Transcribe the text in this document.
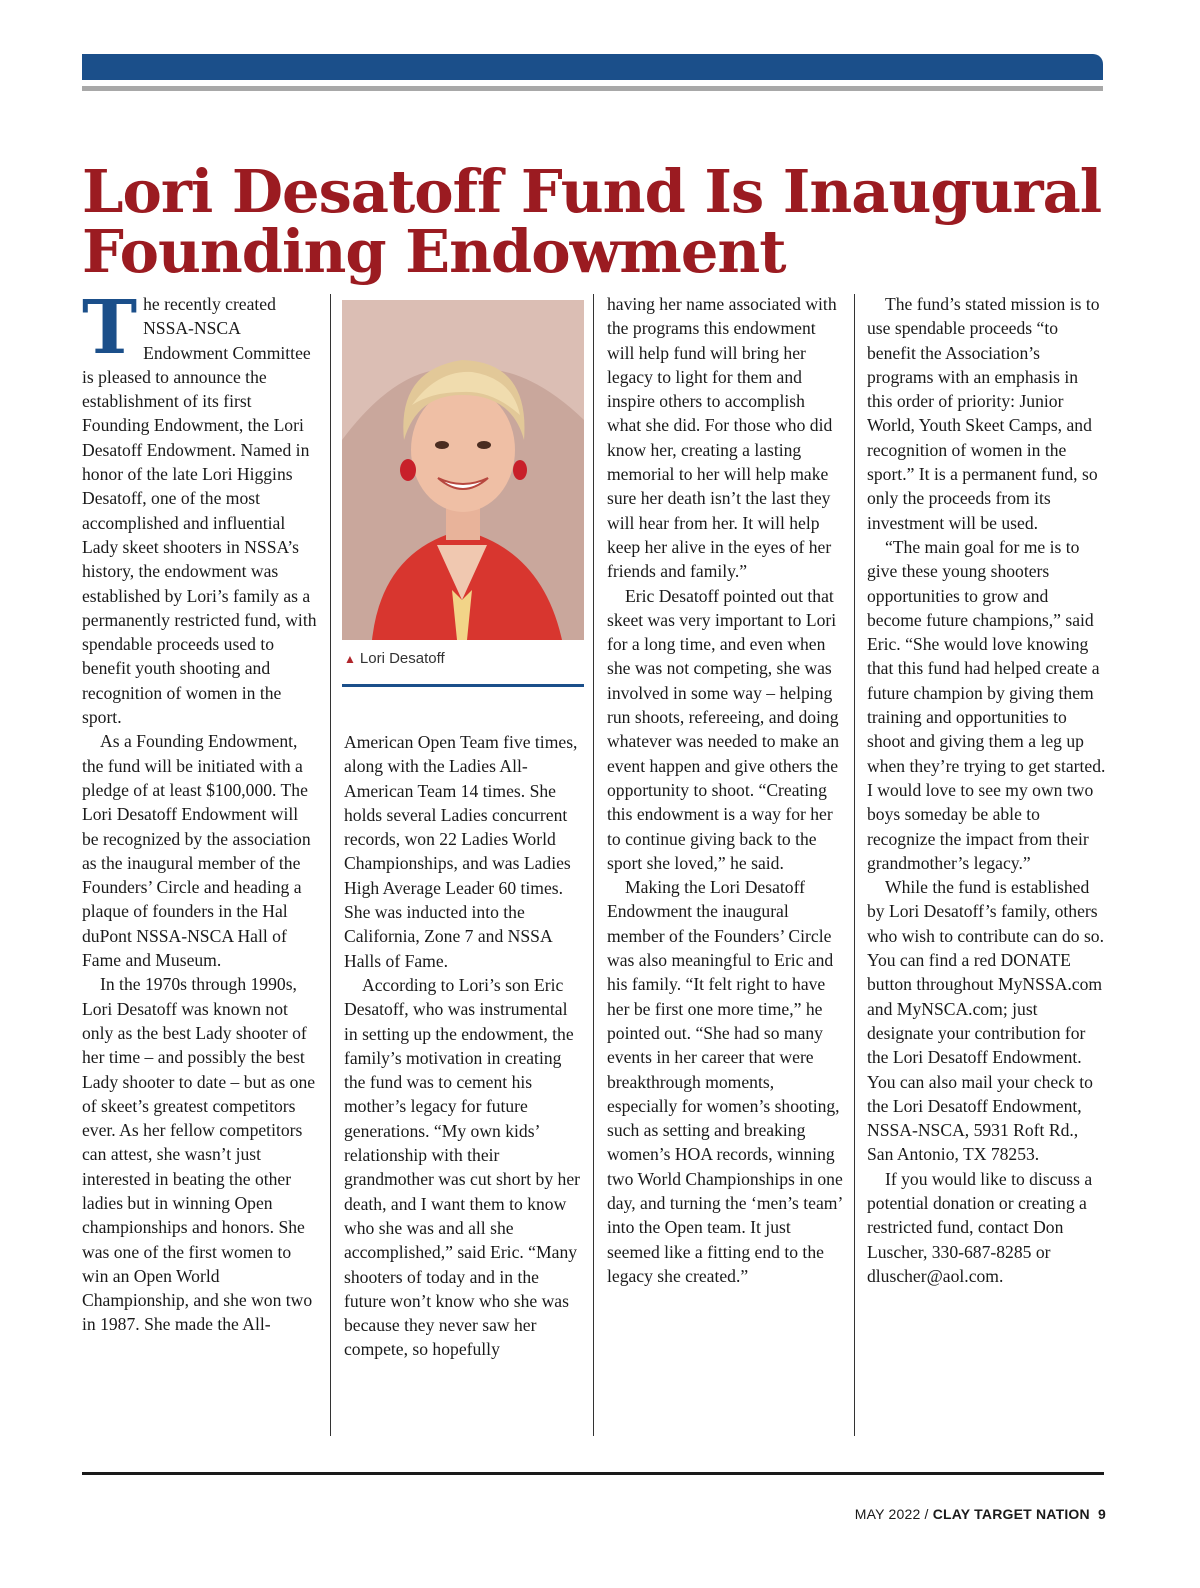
Lori Desatoff Fund Is Inaugural Founding Endowment

The recently created NSSA-NSCA Endowment Committee is pleased to announce the establishment of its first Founding Endowment, the Lori Desatoff Endowment. Named in honor of the late Lori Higgins Desatoff, one of the most accomplished and influential Lady skeet shooters in NSSA’s history, the endowment was established by Lori’s family as a permanently restricted fund, with spendable proceeds used to benefit youth shooting and recognition of women in the sport.

As a Founding Endowment, the fund will be initiated with a pledge of at least $100,000. The Lori Desatoff Endowment will be recognized by the association as the inaugural member of the Founders’ Circle and heading a plaque of founders in the Hal duPont NSSA-NSCA Hall of Fame and Museum.

In the 1970s through 1990s, Lori Desatoff was known not only as the best Lady shooter of her time – and possibly the best Lady shooter to date – but as one of skeet’s greatest competitors ever. As her fellow competitors can attest, she wasn’t just interested in beating the other ladies but in winning Open championships and honors. She was one of the first women to win an Open World Championship, and she won two in 1987. She made the All-

▲ Lori Desatoff

American Open Team five times, along with the Ladies All-American Team 14 times. She holds several Ladies concurrent records, won 22 Ladies World Championships, and was Ladies High Average Leader 60 times. She was inducted into the California, Zone 7 and NSSA Halls of Fame.

According to Lori’s son Eric Desatoff, who was instrumental in setting up the endowment, the family’s motivation in creating the fund was to cement his mother’s legacy for future generations. “My own kids’ relationship with their grandmother was cut short by her death, and I want them to know who she was and all she accomplished,” said Eric. “Many shooters of today and in the future won’t know who she was because they never saw her compete, so hopefully

having her name associated with the programs this endowment will help fund will bring her legacy to light for them and inspire others to accomplish what she did. For those who did know her, creating a lasting memorial to her will help make sure her death isn’t the last they will hear from her. It will help keep her alive in the eyes of her friends and family.”

Eric Desatoff pointed out that skeet was very important to Lori for a long time, and even when she was not competing, she was involved in some way – helping run shoots, refereeing, and doing whatever was needed to make an event happen and give others the opportunity to shoot. “Creating this endowment is a way for her to continue giving back to the sport she loved,” he said.

Making the Lori Desatoff Endowment the inaugural member of the Founders’ Circle was also meaningful to Eric and his family. “It felt right to have her be first one more time,” he pointed out. “She had so many events in her career that were breakthrough moments, especially for women’s shooting, such as setting and breaking women’s HOA records, winning two World Championships in one day, and turning the ‘men’s team’ into the Open team. It just seemed like a fitting end to the legacy she created.”

The fund’s stated mission is to use spendable proceeds “to benefit the Association’s programs with an emphasis in this order of priority: Junior World, Youth Skeet Camps, and recognition of women in the sport.” It is a permanent fund, so only the proceeds from its investment will be used.

“The main goal for me is to give these young shooters opportunities to grow and become future champions,” said Eric. “She would love knowing that this fund had helped create a future champion by giving them training and opportunities to shoot and giving them a leg up when they’re trying to get started. I would love to see my own two boys someday be able to recognize the impact from their grandmother’s legacy.”

While the fund is established by Lori Desatoff’s family, others who wish to contribute can do so. You can find a red DONATE button throughout MyNSSA.com and MyNSCA.com; just designate your contribution for the Lori Desatoff Endowment. You can also mail your check to the Lori Desatoff Endowment, NSSA-NSCA, 5931 Roft Rd., San Antonio, TX 78253.

If you would like to discuss a potential donation or creating a restricted fund, contact Don Luscher, 330-687-8285 or dluscher@aol.com.

MAY 2022 / CLAY TARGET NATION 9
